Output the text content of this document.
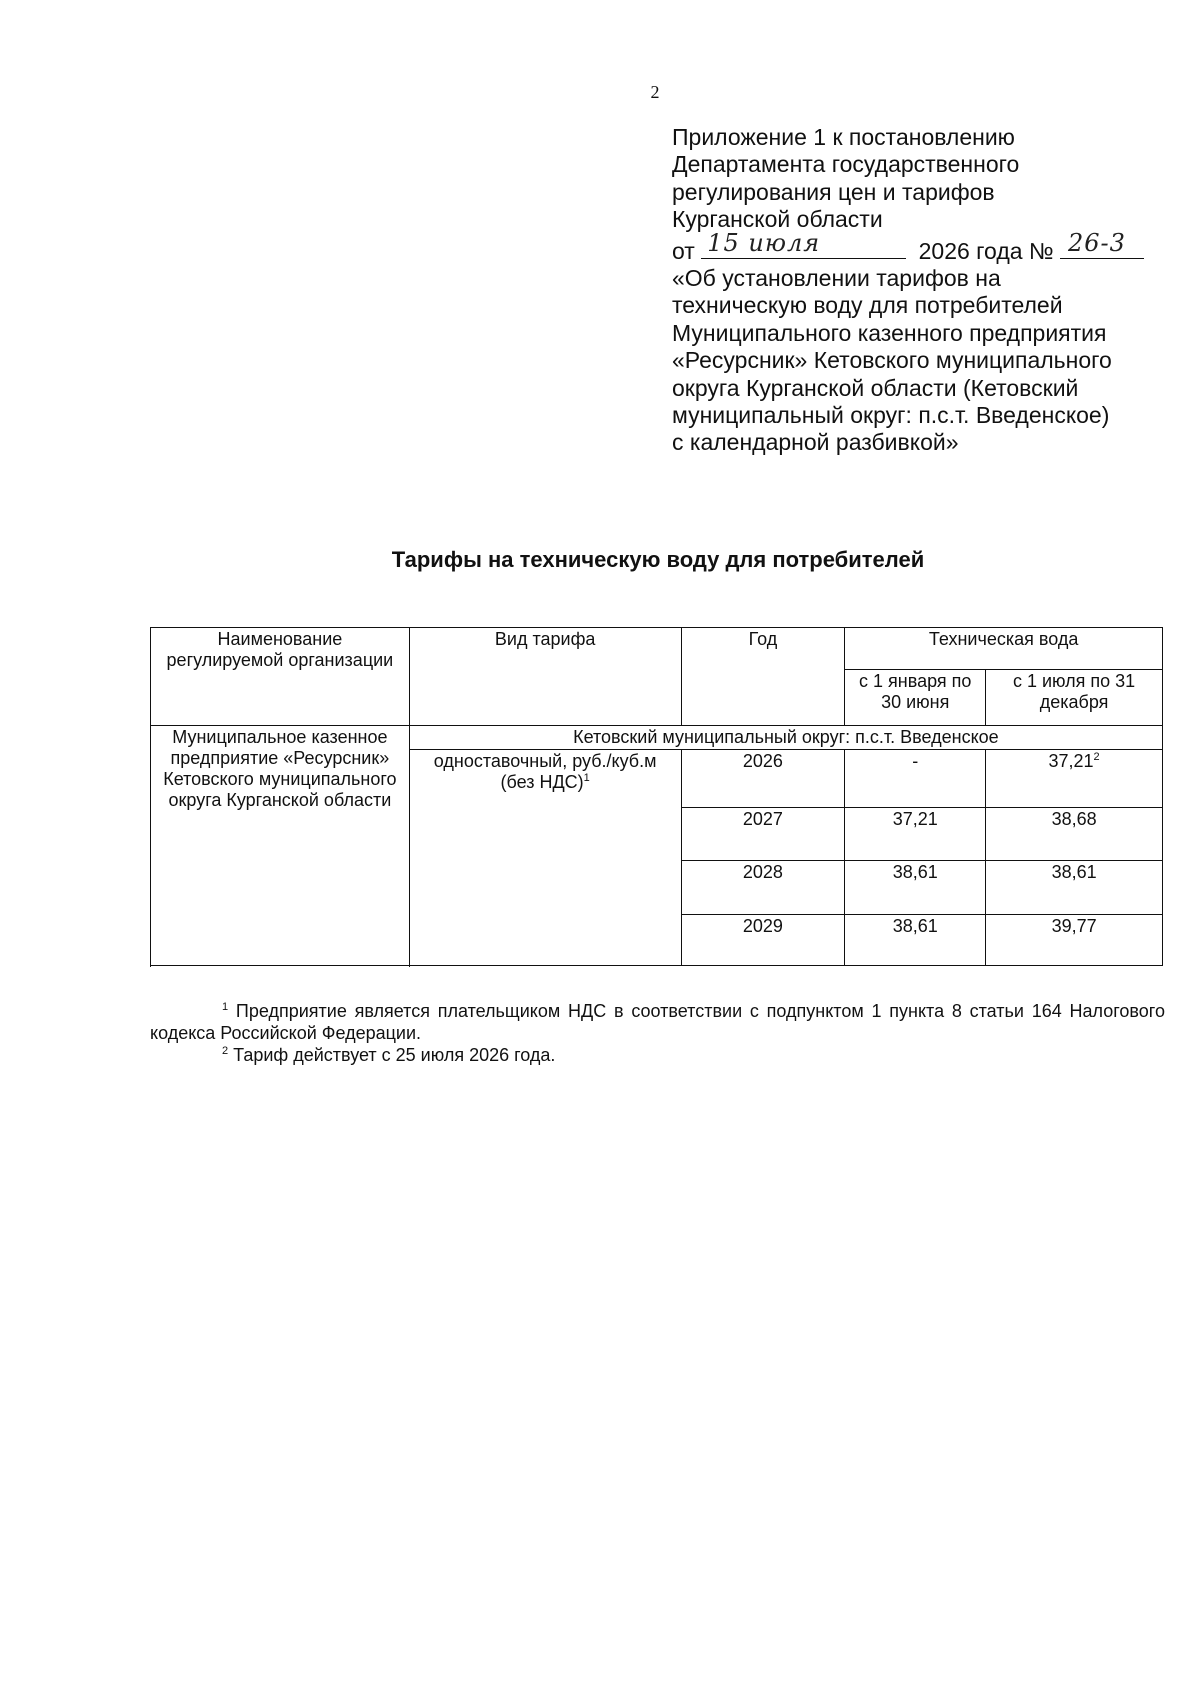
2
Приложение 1 к постановлению
Департамента государственного
регулирования цен и тарифов
Курганской области
от 15 июля	2026 года № 26-3
«Об установлении тарифов на
техническую воду для потребителей
Муниципального казенного предприятия
«Ресурсник» Кетовского муниципального
округа Курганской области (Кетовский
муниципальный округ: п.с.т. Введенское)
с календарной разбивкой»
Тарифы на техническую воду для потребителей
Наименование регулируемой организации	Вид тарифа	Год	Техническая вода	
			с 1 января по 30 июня	с 1 июля по 31 декабря
Муниципальное казенное предприятие «Ресурсник» Кетовского муниципального округа Курганской области	Кетовский муниципальный округ: п.с.т. Введенское			
	одноставочный, руб./куб.м (без НДС)$^1$	2026	-	37,21$^2$
		2027	37,21	38,68
		2028	38,61	38,61
		2029	38,61	39,77

$^1$ Предприятие является плательщиком НДС в соответствии с подпунктом 1 пункта 8 статьи 164 Налогового кодекса Российской Федерации.

$^2$ Тариф действует с 25 июля 2026 года.
